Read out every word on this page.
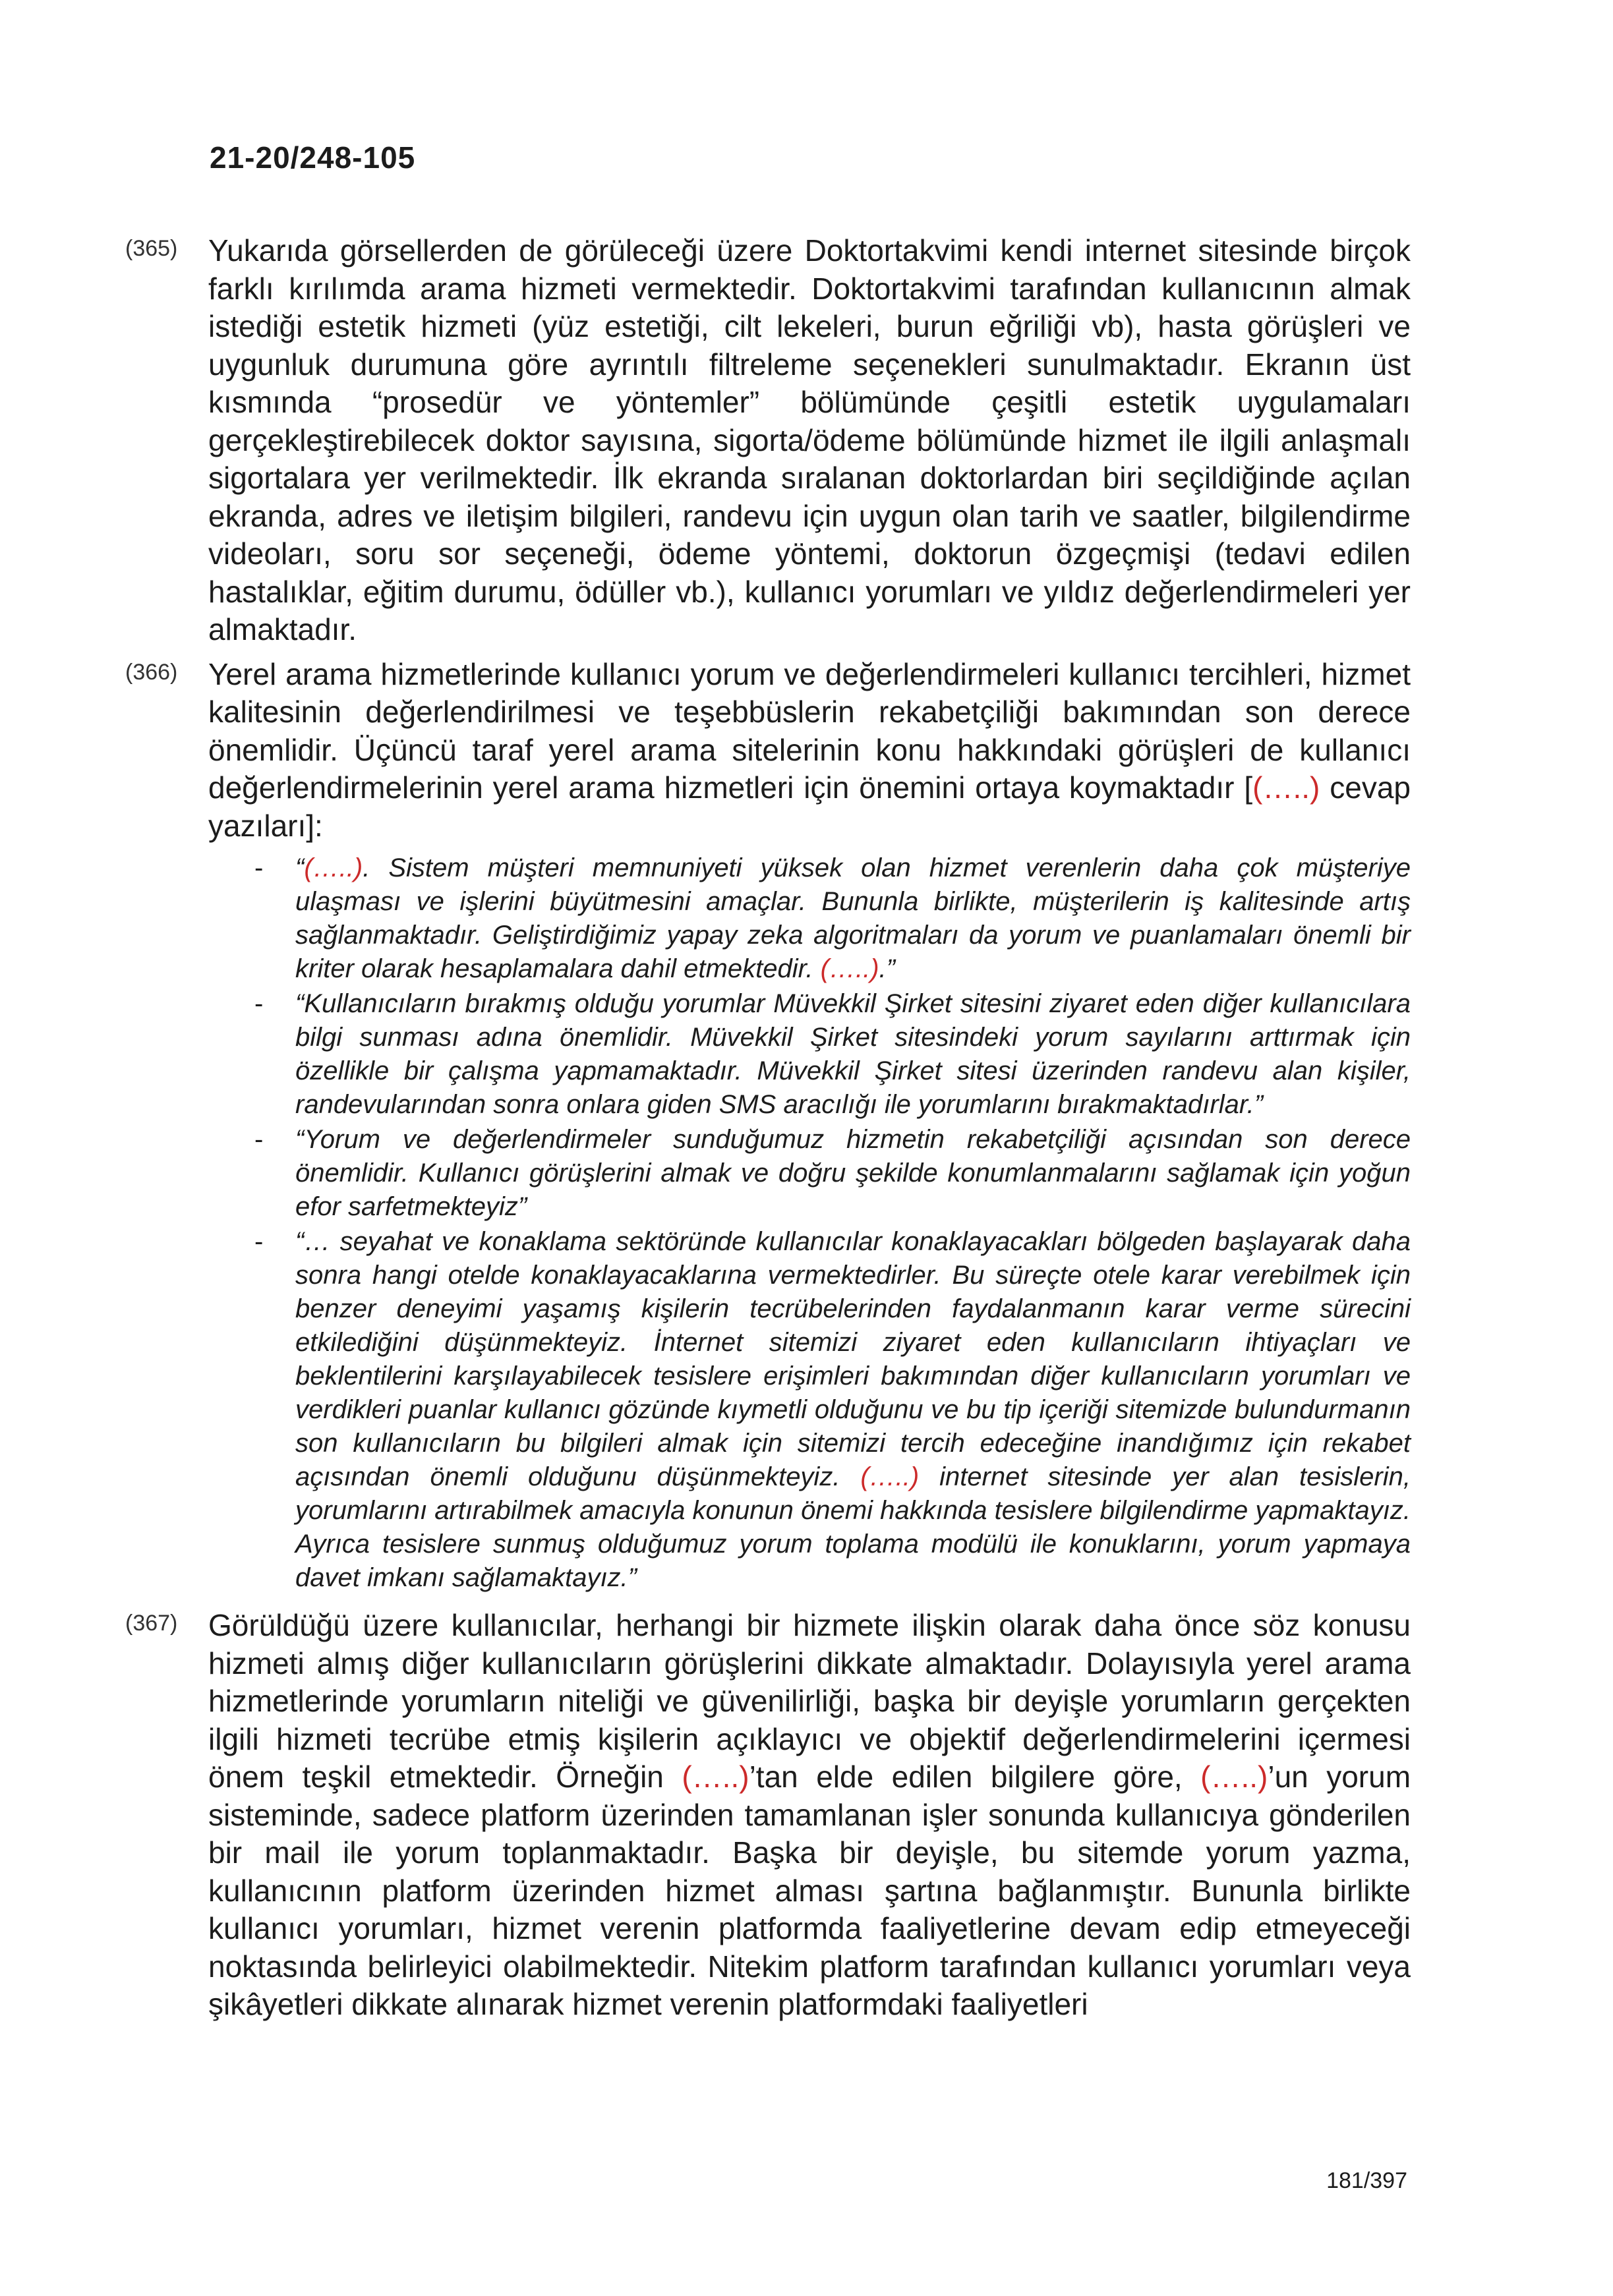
21-20/248-105

(365) Yukarıda görsellerden de görüleceği üzere Doktortakvimi kendi internet sitesinde birçok farklı kırılımda arama hizmeti vermektedir. Doktortakvimi tarafından kullanıcının almak istediği estetik hizmeti (yüz estetiği, cilt lekeleri, burun eğriliği vb), hasta görüşleri ve uygunluk durumuna göre ayrıntılı filtreleme seçenekleri sunulmaktadır. Ekranın üst kısmında “prosedür ve yöntemler” bölümünde çeşitli estetik uygulamaları gerçekleştirebilecek doktor sayısına, sigorta/ödeme bölümünde hizmet ile ilgili anlaşmalı sigortalara yer verilmektedir. İlk ekranda sıralanan doktorlardan biri seçildiğinde açılan ekranda, adres ve iletişim bilgileri, randevu için uygun olan tarih ve saatler, bilgilendirme videoları, soru sor seçeneği, ödeme yöntemi, doktorun özgeçmişi (tedavi edilen hastalıklar, eğitim durumu, ödüller vb.), kullanıcı yorumları ve yıldız değerlendirmeleri yer almaktadır.

(366) Yerel arama hizmetlerinde kullanıcı yorum ve değerlendirmeleri kullanıcı tercihleri, hizmet kalitesinin değerlendirilmesi ve teşebbüslerin rekabetçiliği bakımından son derece önemlidir. Üçüncü taraf yerel arama sitelerinin konu hakkındaki görüşleri de kullanıcı değerlendirmelerinin yerel arama hizmetleri için önemini ortaya koymaktadır [(…..) cevap yazıları]:

- “(…..). Sistem müşteri memnuniyeti yüksek olan hizmet verenlerin daha çok müşteriye ulaşması ve işlerini büyütmesini amaçlar. Bununla birlikte, müşterilerin iş kalitesinde artış sağlanmaktadır. Geliştirdiğimiz yapay zeka algoritmaları da yorum ve puanlamaları önemli bir kriter olarak hesaplamalara dahil etmektedir. (…..).”
- “Kullanıcıların bırakmış olduğu yorumlar Müvekkil Şirket sitesini ziyaret eden diğer kullanıcılara bilgi sunması adına önemlidir. Müvekkil Şirket sitesindeki yorum sayılarını arttırmak için özellikle bir çalışma yapmamaktadır. Müvekkil Şirket sitesi üzerinden randevu alan kişiler, randevularından sonra onlara giden SMS aracılığı ile yorumlarını bırakmaktadırlar.”
- “Yorum ve değerlendirmeler sunduğumuz hizmetin rekabetçiliği açısından son derece önemlidir. Kullanıcı görüşlerini almak ve doğru şekilde konumlanmalarını sağlamak için yoğun efor sarfetmekteyiz”
- “… seyahat ve konaklama sektöründe kullanıcılar konaklayacakları bölgeden başlayarak daha sonra hangi otelde konaklayacaklarına vermektedirler. Bu süreçte otele karar verebilmek için benzer deneyimi yaşamış kişilerin tecrübelerinden faydalanmanın karar verme sürecini etkilediğini düşünmekteyiz. İnternet sitemizi ziyaret eden kullanıcıların ihtiyaçları ve beklentilerini karşılayabilecek tesislere erişimleri bakımından diğer kullanıcıların yorumları ve verdikleri puanlar kullanıcı gözünde kıymetli olduğunu ve bu tip içeriği sitemizde bulundurmanın son kullanıcıların bu bilgileri almak için sitemizi tercih edeceğine inandığımız için rekabet açısından önemli olduğunu düşünmekteyiz. (…..) internet sitesinde yer alan tesislerin, yorumlarını artırabilmek amacıyla konunun önemi hakkında tesislere bilgilendirme yapmaktayız. Ayrıca tesislere sunmuş olduğumuz yorum toplama modülü ile konuklarını, yorum yapmaya davet imkanı sağlamaktayız.”
(367) Görüldüğü üzere kullanıcılar, herhangi bir hizmete ilişkin olarak daha önce söz konusu hizmeti almış diğer kullanıcıların görüşlerini dikkate almaktadır. Dolayısıyla yerel arama hizmetlerinde yorumların niteliği ve güvenilirliği, başka bir deyişle yorumların gerçekten ilgili hizmeti tecrübe etmiş kişilerin açıklayıcı ve objektif değerlendirmelerini içermesi önem teşkil etmektedir. Örneğin (…..)’tan elde edilen bilgilere göre, (…..)’un yorum sisteminde, sadece platform üzerinden tamamlanan işler sonunda kullanıcıya gönderilen bir mail ile yorum toplanmaktadır. Başka bir deyişle, bu sitemde yorum yazma, kullanıcının platform üzerinden hizmet alması şartına bağlanmıştır. Bununla birlikte kullanıcı yorumları, hizmet verenin platformda faaliyetlerine devam edip etmeyeceği noktasında belirleyici olabilmektedir. Nitekim platform tarafından kullanıcı yorumları veya şikâyetleri dikkate alınarak hizmet verenin platformdaki faaliyetleri

181/397
